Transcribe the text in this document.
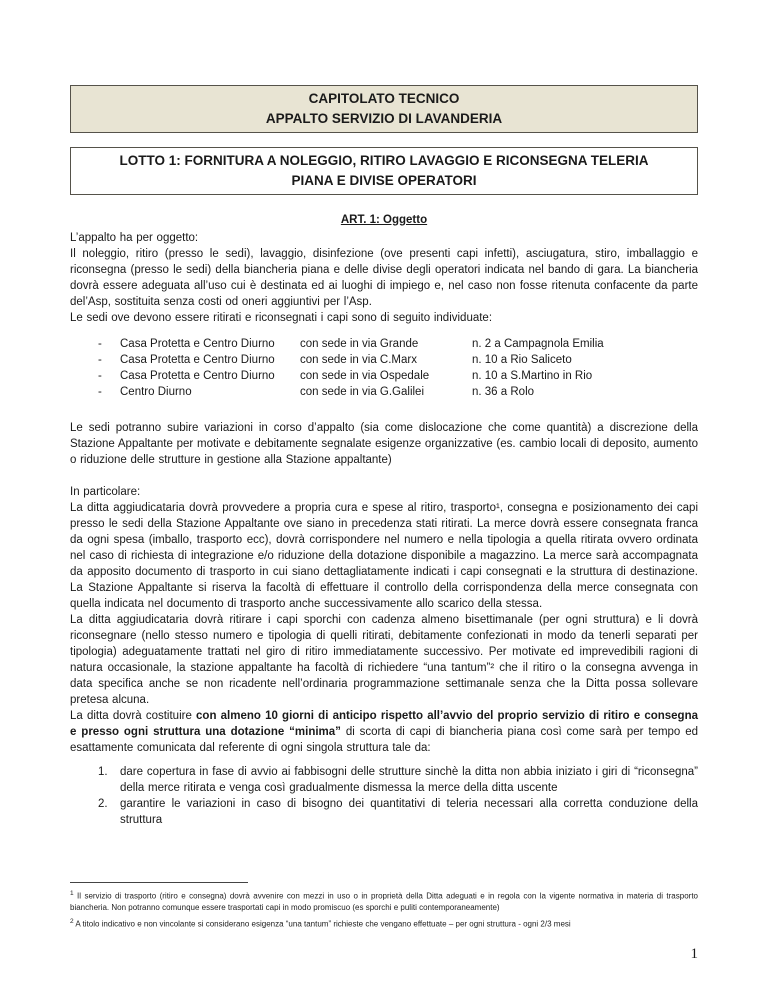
CAPITOLATO TECNICO
APPALTO SERVIZIO DI LAVANDERIA
LOTTO 1: FORNITURA A NOLEGGIO, RITIRO LAVAGGIO E RICONSEGNA TELERIA
PIANA E DIVISE OPERATORI
ART. 1: Oggetto

L’appalto ha per oggetto:

Il noleggio, ritiro (presso le sedi), lavaggio, disinfezione (ove presenti capi infetti), asciugatura, stiro, imballaggio e riconsegna (presso le sedi) della biancheria piana e delle divise degli operatori indicata nel bando di gara. La biancheria dovrà essere adeguata all’uso cui è destinata ed ai luoghi di impiego e, nel caso non fosse ritenuta confacente da parte del’Asp, sostituita senza costi od oneri aggiuntivi per l’Asp.

Le sedi ove devono essere ritirati e riconsegnati i capi sono di seguito individuate:

-	Casa Protetta e Centro Diurno	con sede in via Grande	n. 2 a Campagnola Emilia
-	Casa Protetta e Centro Diurno	con sede in via C.Marx	n. 10 a Rio Saliceto
-	Casa Protetta e Centro Diurno	con sede in via Ospedale	n. 10 a S.Martino in Rio
-	Centro Diurno	con sede in via G.Galilei	n. 36 a Rolo

Le sedi potranno subire variazioni in corso d’appalto (sia come dislocazione che come quantità) a discrezione della Stazione Appaltante per motivate e debitamente segnalate esigenze organizzative (es. cambio locali di deposito, aumento o riduzione delle strutture in gestione alla Stazione appaltante)

In particolare:

La ditta aggiudicataria dovrà provvedere a propria cura e spese al ritiro, trasporto¹, consegna e posizionamento dei capi presso le sedi della Stazione Appaltante ove siano in precedenza stati ritirati. La merce dovrà essere consegnata franca da ogni spesa (imballo, trasporto ecc), dovrà corrispondere nel numero e nella tipologia a quella ritirata ovvero ordinata nel caso di richiesta di integrazione e/o riduzione della dotazione disponibile a magazzino. La merce sarà accompagnata da apposito documento di trasporto in cui siano dettagliatamente indicati i capi consegnati e la struttura di destinazione. La Stazione Appaltante si riserva la facoltà di effettuare il controllo della corrispondenza della merce consegnata con quella indicata nel documento di trasporto anche successivamente allo scarico della stessa.

La ditta aggiudicataria dovrà ritirare i capi sporchi con cadenza almeno bisettimanale (per ogni struttura) e li dovrà riconsegnare (nello stesso numero e tipologia di quelli ritirati, debitamente confezionati in modo da tenerli separati per tipologia) adeguatamente trattati nel giro di ritiro immediatamente successivo. Per motivate ed imprevedibili ragioni di natura occasionale, la stazione appaltante ha facoltà di richiedere “una tantum”² che il ritiro o la consegna avvenga in data specifica anche se non ricadente nell’ordinaria programmazione settimanale senza che la Ditta possa sollevare pretesa alcuna.

La ditta dovrà costituire con almeno 10 giorni di anticipo rispetto all’avvio del proprio servizio di ritiro e consegna e presso ogni struttura una dotazione “minima” di scorta di capi di biancheria piana così come sarà per tempo ed esattamente comunicata dal referente di ogni singola struttura tale da:

1.	dare copertura in fase di avvio ai fabbisogni delle strutture sinchè la ditta non abbia iniziato i giri di “riconsegna” della merce ritirata e venga così gradualmente dismessa la merce della ditta uscente
2.	garantire le variazioni in caso di bisogno dei quantitativi di teleria necessari alla corretta conduzione della struttura
$^1$ Il servizio di trasporto (ritiro e consegna) dovrà avvenire con mezzi in uso o in proprietà della Ditta adeguati e in regola con la vigente normativa in materia di trasporto biancheria. Non potranno comunque essere trasportati capi in modo promiscuo (es sporchi e puliti contemporaneamente)
$^2$ A titolo indicativo e non vincolante si considerano esigenza “una tantum” richieste che vengano effettuate – per ogni struttura - ogni 2/3 mesi
1
